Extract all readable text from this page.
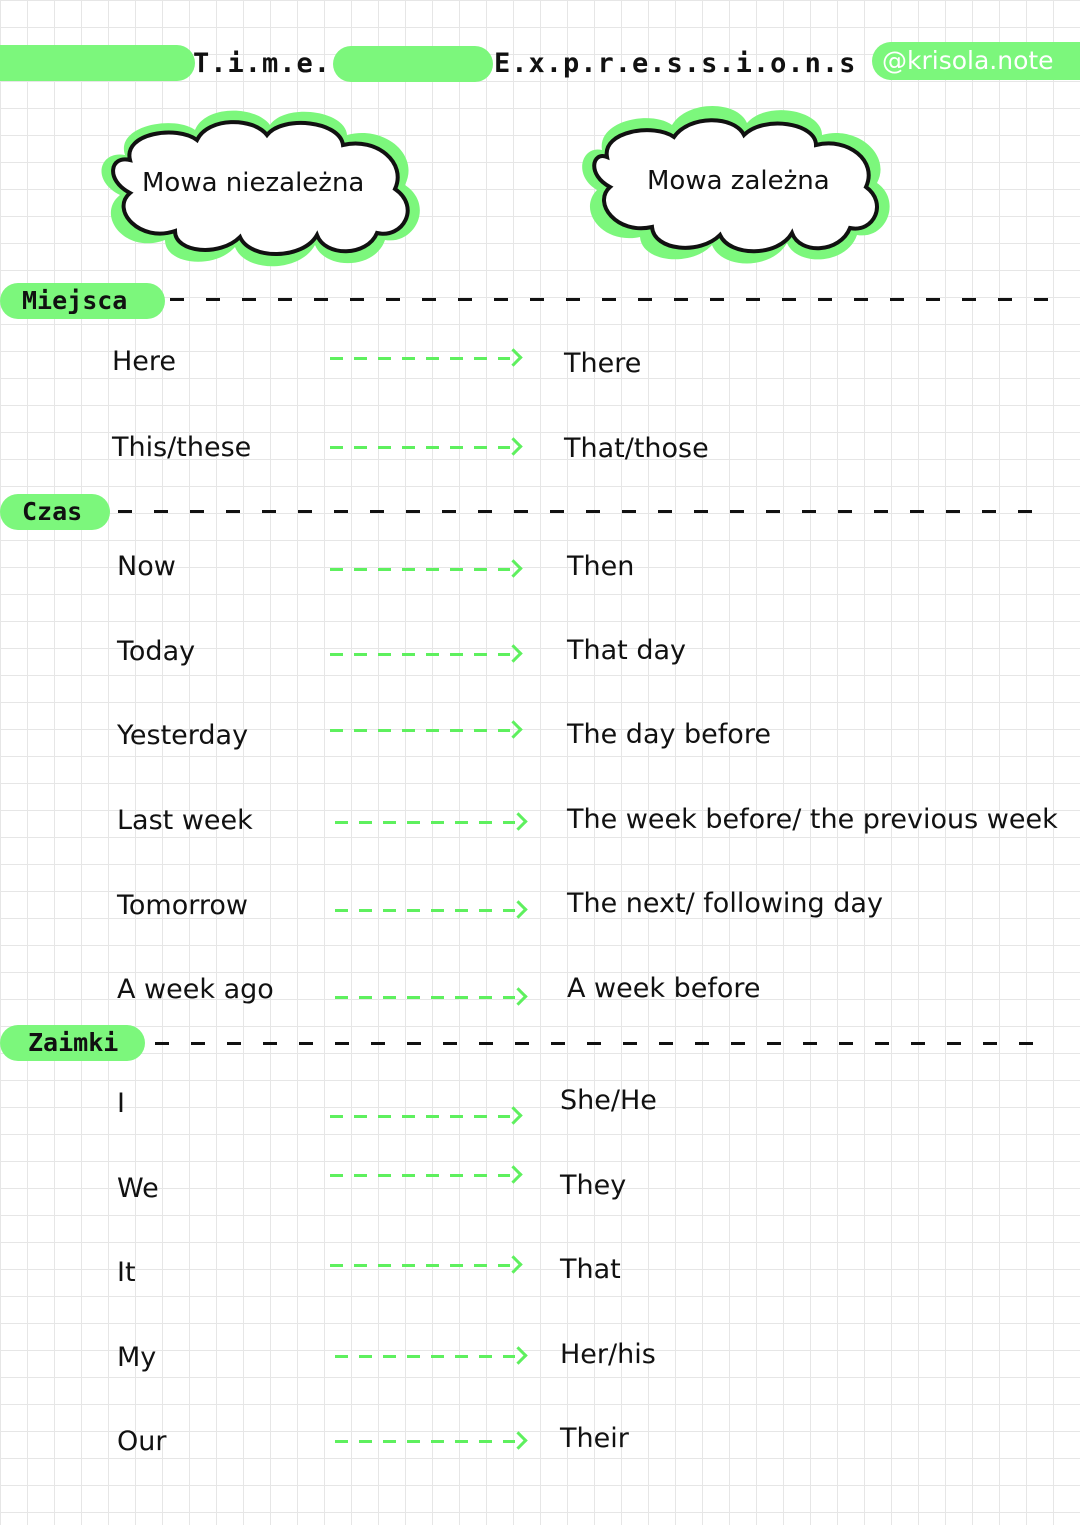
T.i.m.e.	E.x.p.r.e.s.s.i.o.n.s	@krisola.note
Mowa niezależna	Mowa zależna
Miejsca
Here	There
This/these	That/those
Czas
Now	Then
Today	That day
Yesterday	The day before
Last week	The week before/ the previous week
Tomorrow	The next/ following day
A week ago	A week before
Zaimki
I	She/He
We	They
It	That
My	Her/his
Our	Their
